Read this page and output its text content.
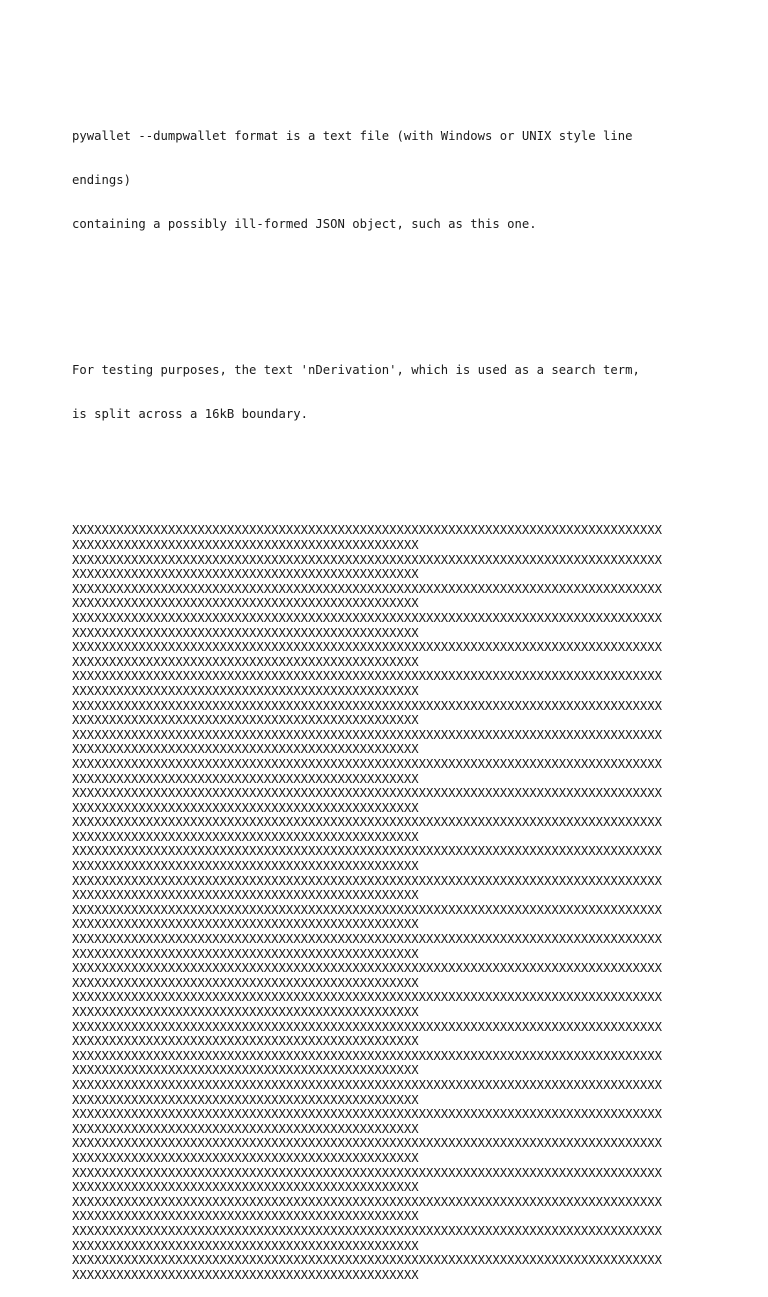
pywallet --dumpwallet format is a text file (with Windows or UNIX style line

endings)

containing a possibly ill-formed JSON object, such as this one.

For testing purposes, the text 'nDerivation', which is used as a search term,

is split across a 16kB boundary.

XXXXXXXXXXXXXXXXXXXXXXXXXXXXXXXXXXXXXXXXXXXXXXXXXXXXXXXXXXXXXXXXXXXXXXXXXXXXXXXX
XXXXXXXXXXXXXXXXXXXXXXXXXXXXXXXXXXXXXXXXXXXXXXX
XXXXXXXXXXXXXXXXXXXXXXXXXXXXXXXXXXXXXXXXXXXXXXXXXXXXXXXXXXXXXXXXXXXXXXXXXXXXXXXX
XXXXXXXXXXXXXXXXXXXXXXXXXXXXXXXXXXXXXXXXXXXXXXX
XXXXXXXXXXXXXXXXXXXXXXXXXXXXXXXXXXXXXXXXXXXXXXXXXXXXXXXXXXXXXXXXXXXXXXXXXXXXXXXX
XXXXXXXXXXXXXXXXXXXXXXXXXXXXXXXXXXXXXXXXXXXXXXX
XXXXXXXXXXXXXXXXXXXXXXXXXXXXXXXXXXXXXXXXXXXXXXXXXXXXXXXXXXXXXXXXXXXXXXXXXXXXXXXX
XXXXXXXXXXXXXXXXXXXXXXXXXXXXXXXXXXXXXXXXXXXXXXX
XXXXXXXXXXXXXXXXXXXXXXXXXXXXXXXXXXXXXXXXXXXXXXXXXXXXXXXXXXXXXXXXXXXXXXXXXXXXXXXX
XXXXXXXXXXXXXXXXXXXXXXXXXXXXXXXXXXXXXXXXXXXXXXX
XXXXXXXXXXXXXXXXXXXXXXXXXXXXXXXXXXXXXXXXXXXXXXXXXXXXXXXXXXXXXXXXXXXXXXXXXXXXXXXX
XXXXXXXXXXXXXXXXXXXXXXXXXXXXXXXXXXXXXXXXXXXXXXX
XXXXXXXXXXXXXXXXXXXXXXXXXXXXXXXXXXXXXXXXXXXXXXXXXXXXXXXXXXXXXXXXXXXXXXXXXXXXXXXX
XXXXXXXXXXXXXXXXXXXXXXXXXXXXXXXXXXXXXXXXXXXXXXX
XXXXXXXXXXXXXXXXXXXXXXXXXXXXXXXXXXXXXXXXXXXXXXXXXXXXXXXXXXXXXXXXXXXXXXXXXXXXXXXX
XXXXXXXXXXXXXXXXXXXXXXXXXXXXXXXXXXXXXXXXXXXXXXX
XXXXXXXXXXXXXXXXXXXXXXXXXXXXXXXXXXXXXXXXXXXXXXXXXXXXXXXXXXXXXXXXXXXXXXXXXXXXXXXX
XXXXXXXXXXXXXXXXXXXXXXXXXXXXXXXXXXXXXXXXXXXXXXX
XXXXXXXXXXXXXXXXXXXXXXXXXXXXXXXXXXXXXXXXXXXXXXXXXXXXXXXXXXXXXXXXXXXXXXXXXXXXXXXX
XXXXXXXXXXXXXXXXXXXXXXXXXXXXXXXXXXXXXXXXXXXXXXX
XXXXXXXXXXXXXXXXXXXXXXXXXXXXXXXXXXXXXXXXXXXXXXXXXXXXXXXXXXXXXXXXXXXXXXXXXXXXXXXX
XXXXXXXXXXXXXXXXXXXXXXXXXXXXXXXXXXXXXXXXXXXXXXX
XXXXXXXXXXXXXXXXXXXXXXXXXXXXXXXXXXXXXXXXXXXXXXXXXXXXXXXXXXXXXXXXXXXXXXXXXXXXXXXX
XXXXXXXXXXXXXXXXXXXXXXXXXXXXXXXXXXXXXXXXXXXXXXX
XXXXXXXXXXXXXXXXXXXXXXXXXXXXXXXXXXXXXXXXXXXXXXXXXXXXXXXXXXXXXXXXXXXXXXXXXXXXXXXX
XXXXXXXXXXXXXXXXXXXXXXXXXXXXXXXXXXXXXXXXXXXXXXX
XXXXXXXXXXXXXXXXXXXXXXXXXXXXXXXXXXXXXXXXXXXXXXXXXXXXXXXXXXXXXXXXXXXXXXXXXXXXXXXX
XXXXXXXXXXXXXXXXXXXXXXXXXXXXXXXXXXXXXXXXXXXXXXX
XXXXXXXXXXXXXXXXXXXXXXXXXXXXXXXXXXXXXXXXXXXXXXXXXXXXXXXXXXXXXXXXXXXXXXXXXXXXXXXX
XXXXXXXXXXXXXXXXXXXXXXXXXXXXXXXXXXXXXXXXXXXXXXX
XXXXXXXXXXXXXXXXXXXXXXXXXXXXXXXXXXXXXXXXXXXXXXXXXXXXXXXXXXXXXXXXXXXXXXXXXXXXXXXX
XXXXXXXXXXXXXXXXXXXXXXXXXXXXXXXXXXXXXXXXXXXXXXX
XXXXXXXXXXXXXXXXXXXXXXXXXXXXXXXXXXXXXXXXXXXXXXXXXXXXXXXXXXXXXXXXXXXXXXXXXXXXXXXX
XXXXXXXXXXXXXXXXXXXXXXXXXXXXXXXXXXXXXXXXXXXXXXX
XXXXXXXXXXXXXXXXXXXXXXXXXXXXXXXXXXXXXXXXXXXXXXXXXXXXXXXXXXXXXXXXXXXXXXXXXXXXXXXX
XXXXXXXXXXXXXXXXXXXXXXXXXXXXXXXXXXXXXXXXXXXXXXX
XXXXXXXXXXXXXXXXXXXXXXXXXXXXXXXXXXXXXXXXXXXXXXXXXXXXXXXXXXXXXXXXXXXXXXXXXXXXXXXX
XXXXXXXXXXXXXXXXXXXXXXXXXXXXXXXXXXXXXXXXXXXXXXX
XXXXXXXXXXXXXXXXXXXXXXXXXXXXXXXXXXXXXXXXXXXXXXXXXXXXXXXXXXXXXXXXXXXXXXXXXXXXXXXX
XXXXXXXXXXXXXXXXXXXXXXXXXXXXXXXXXXXXXXXXXXXXXXX
XXXXXXXXXXXXXXXXXXXXXXXXXXXXXXXXXXXXXXXXXXXXXXXXXXXXXXXXXXXXXXXXXXXXXXXXXXXXXXXX
XXXXXXXXXXXXXXXXXXXXXXXXXXXXXXXXXXXXXXXXXXXXXXX
XXXXXXXXXXXXXXXXXXXXXXXXXXXXXXXXXXXXXXXXXXXXXXXXXXXXXXXXXXXXXXXXXXXXXXXXXXXXXXXX
XXXXXXXXXXXXXXXXXXXXXXXXXXXXXXXXXXXXXXXXXXXXXXX
XXXXXXXXXXXXXXXXXXXXXXXXXXXXXXXXXXXXXXXXXXXXXXXXXXXXXXXXXXXXXXXXXXXXXXXXXXXXXXXX
XXXXXXXXXXXXXXXXXXXXXXXXXXXXXXXXXXXXXXXXXXXXXXX
XXXXXXXXXXXXXXXXXXXXXXXXXXXXXXXXXXXXXXXXXXXXXXXXXXXXXXXXXXXXXXXXXXXXXXXXXXXXXXXX
XXXXXXXXXXXXXXXXXXXXXXXXXXXXXXXXXXXXXXXXXXXXXXX
XXXXXXXXXXXXXXXXXXXXXXXXXXXXXXXXXXXXXXXXXXXXXXXXXXXXXXXXXXXXXXXXXXXXXXXXXXXXXXXX
XXXXXXXXXXXXXXXXXXXXXXXXXXXXXXXXXXXXXXXXXXXXXXX
XXXXXXXXXXXXXXXXXXXXXXXXXXXXXXXXXXXXXXXXXXXXXXXXXXXXXXXXXXXXXXXXXXXXXXXXXXXXXXXX
XXXXXXXXXXXXXXXXXXXXXXXXXXXXXXXXXXXXXXXXXXXXXXX
